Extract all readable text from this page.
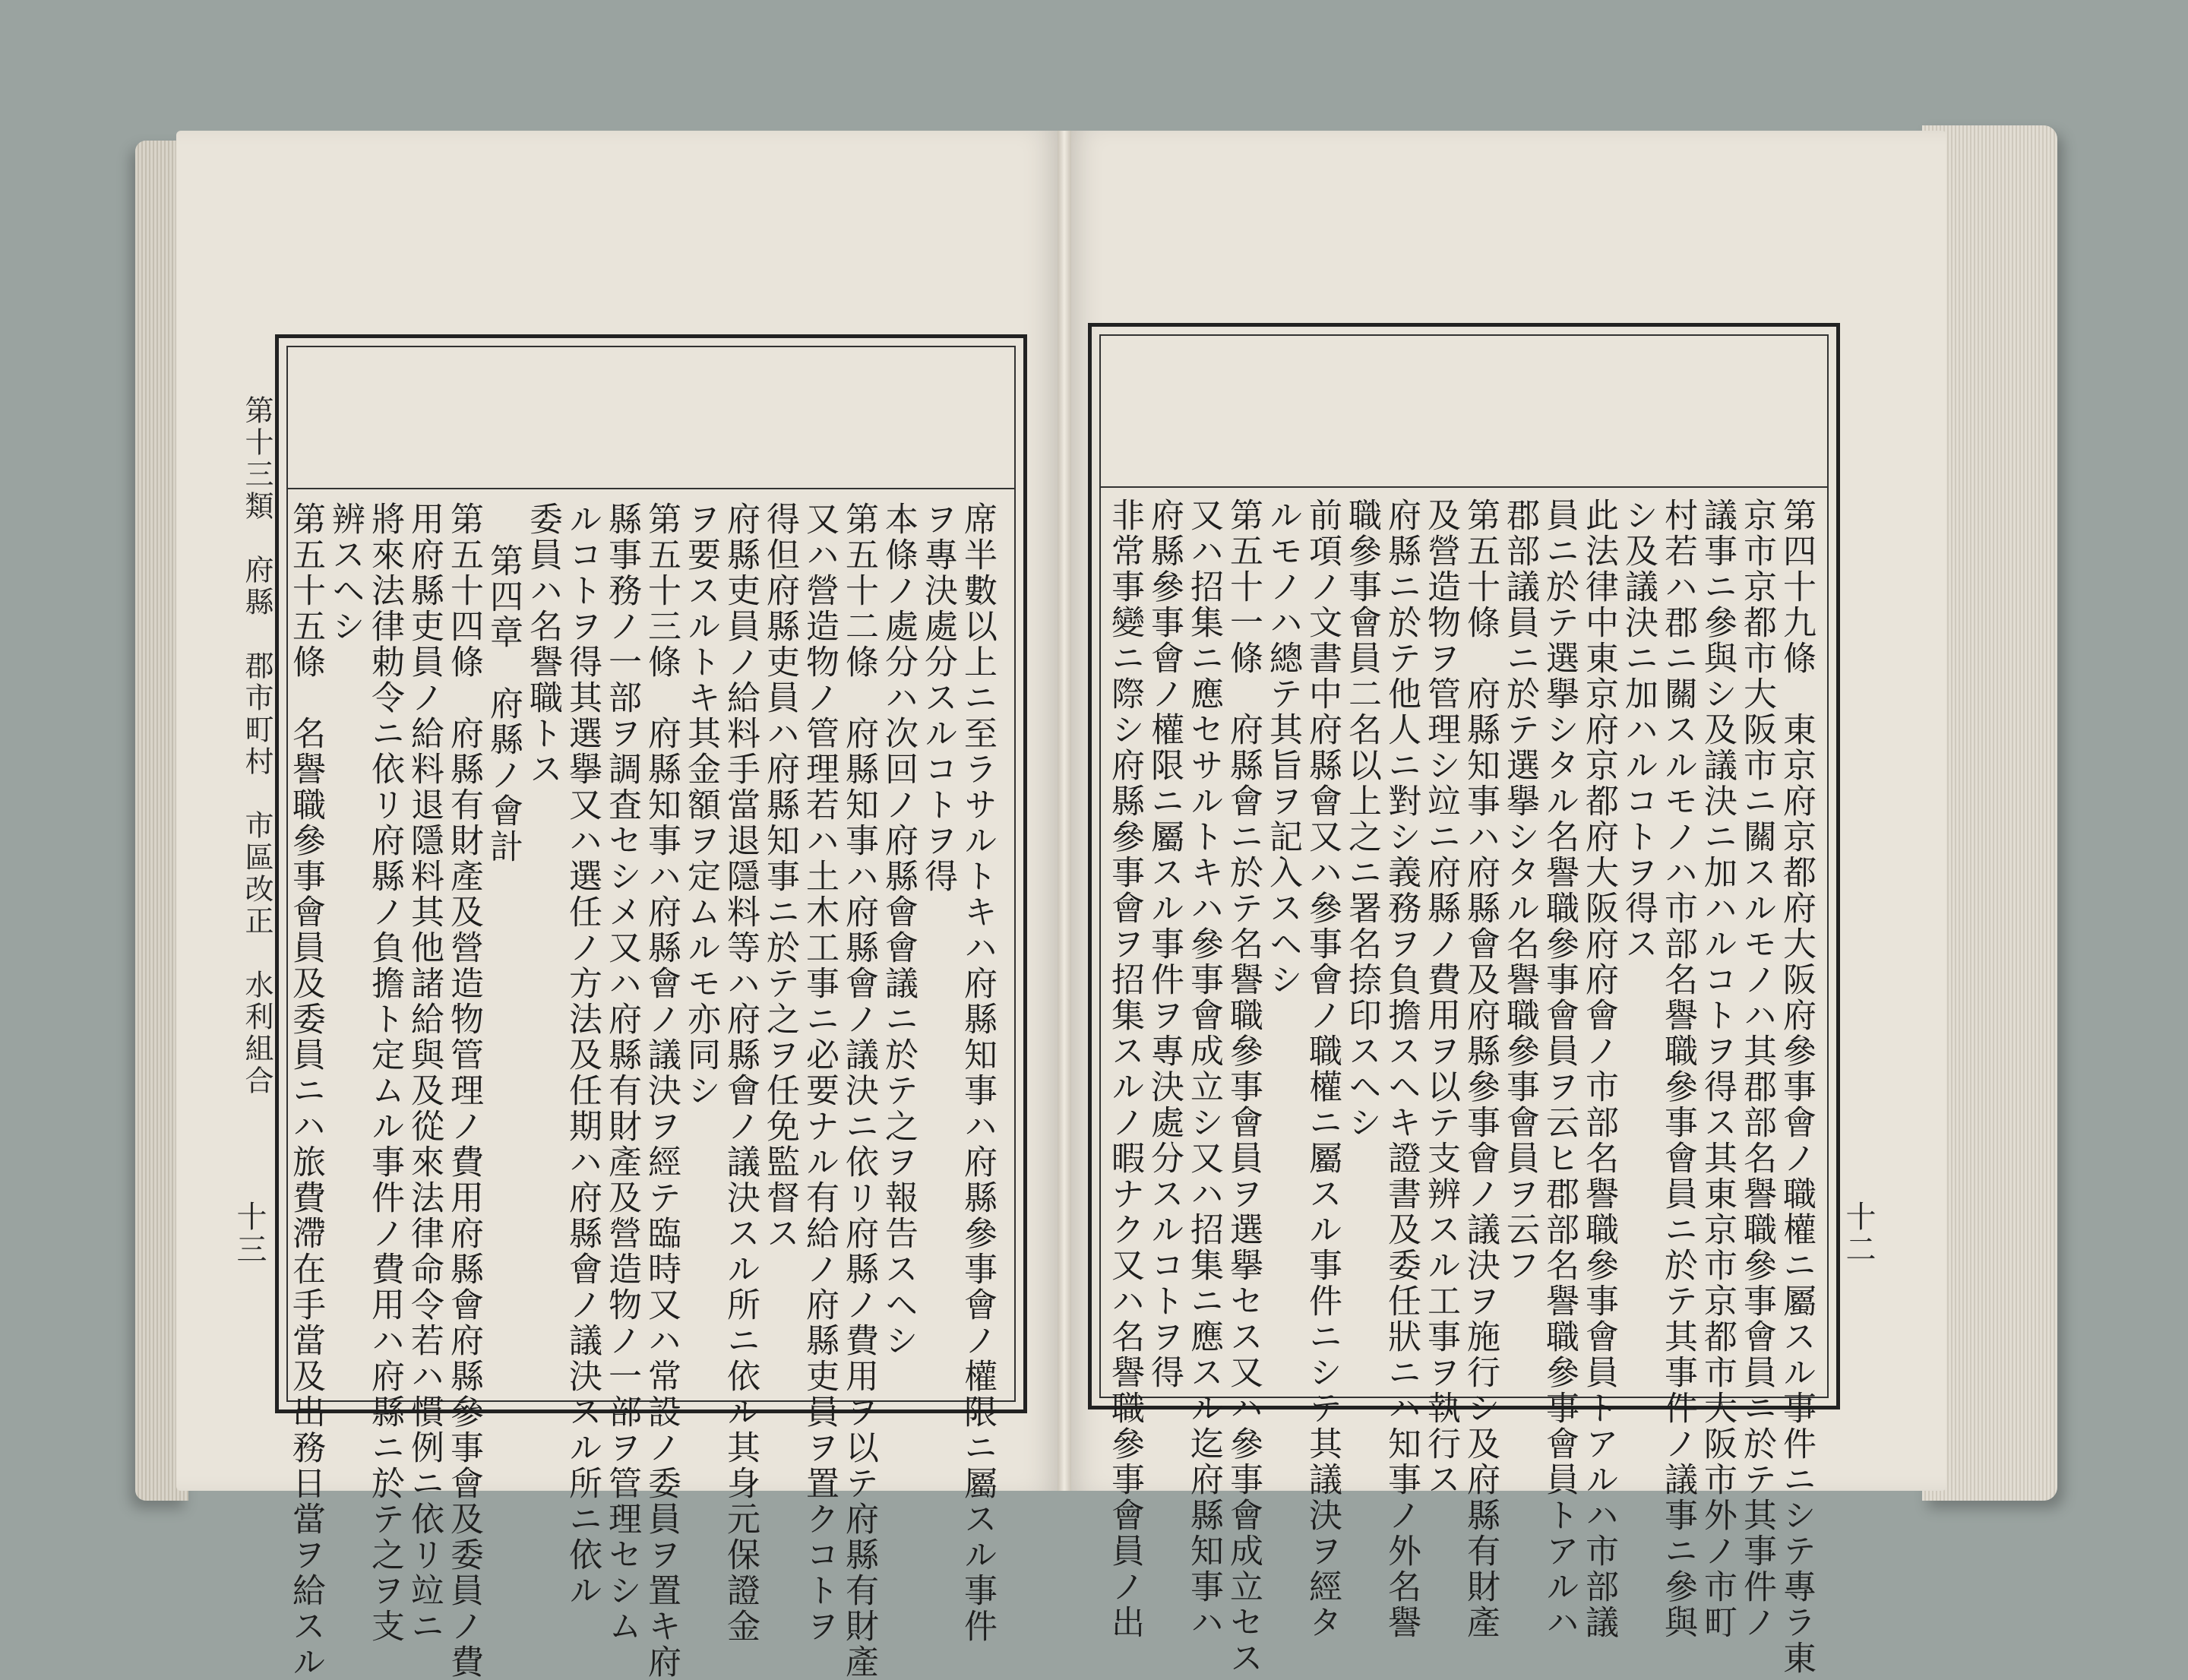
第十三類　府縣　郡市町村　市區改正　水利組合
十三	十二
席半數以上ニ至ラサルトキハ府縣知事ハ府縣參事會ノ權限ニ屬スル事件
ヲ專決處分スルコトヲ得
本條ノ處分ハ次回ノ府縣會會議ニ於テ之ヲ報告スヘシ
第五十二條　府縣知事ハ府縣會ノ議決ニ依リ府縣ノ費用ヲ以テ府縣有財產
又ハ營造物ノ管理若ハ土木工事ニ必要ナル有給ノ府縣吏員ヲ置クコトヲ
得但府縣吏員ハ府縣知事ニ於テ之ヲ任免監督ス
府縣吏員ノ給料手當退隱料等ハ府縣會ノ議決スル所ニ依ル其身元保證金
ヲ要スルトキ其金額ヲ定ムルモ亦同シ
第五十三條　府縣知事ハ府縣會ノ議決ヲ經テ臨時又ハ常設ノ委員ヲ置キ府
縣事務ノ一部ヲ調査セシメ又ハ府縣有財產及營造物ノ一部ヲ管理セシム
ルコトヲ得其選擧又ハ選任ノ方法及任期ハ府縣會ノ議決スル所ニ依ル
委員ハ名譽職トス
第四章　府縣ノ會計
第五十四條　府縣有財產及營造物管理ノ費用府縣會府縣參事會及委員ノ費
用府縣吏員ノ給料退隱料其他諸給與及從來法律命令若ハ慣例ニ依リ竝ニ
將來法律勅令ニ依リ府縣ノ負擔ト定ムル事件ノ費用ハ府縣ニ於テ之ヲ支
辨スヘシ
第五十五條　名譽職參事會員及委員ニハ旅費滯在手當及出務日當ヲ給スル	第四十九條　東京府京都府大阪府參事會ノ職權ニ屬スル事件ニシテ專ラ東
京市京都市大阪市ニ關スルモノハ其郡部名譽職參事會員ニ於テ其事件ノ
議事ニ參與シ及議決ニ加ハルコトヲ得ス其東京市京都市大阪市外ノ市町
村若ハ郡ニ關スルモノハ市部名譽職參事會員ニ於テ其事件ノ議事ニ參與
シ及議決ニ加ハルコトヲ得ス
此法律中東京府京都府大阪府府會ノ市部名譽職參事會員トアルハ市部議
員ニ於テ選擧シタル名譽職參事會員ヲ云ヒ郡部名譽職參事會員トアルハ
郡部議員ニ於テ選擧シタル名譽職參事會員ヲ云フ
第五十條　府縣知事ハ府縣會及府縣參事會ノ議決ヲ施行シ及府縣有財產
及營造物ヲ管理シ竝ニ府縣ノ費用ヲ以テ支辨スル工事ヲ執行ス
府縣ニ於テ他人ニ對シ義務ヲ負擔スヘキ證書及委任狀ニハ知事ノ外名譽
職參事會員二名以上之ニ署名捺印スヘシ
前項ノ文書中府縣會又ハ參事會ノ職權ニ屬スル事件ニシテ其議決ヲ經タ
ルモノハ總テ其旨ヲ記入スヘシ
第五十一條　府縣會ニ於テ名譽職參事會員ヲ選擧セス又ハ參事會成立セス
又ハ招集ニ應セサルトキハ參事會成立シ又ハ招集ニ應スル迄府縣知事ハ
府縣參事會ノ權限ニ屬スル事件ヲ專決處分スルコトヲ得
非常事變ニ際シ府縣參事會ヲ招集スルノ暇ナク又ハ名譽職參事會員ノ出
